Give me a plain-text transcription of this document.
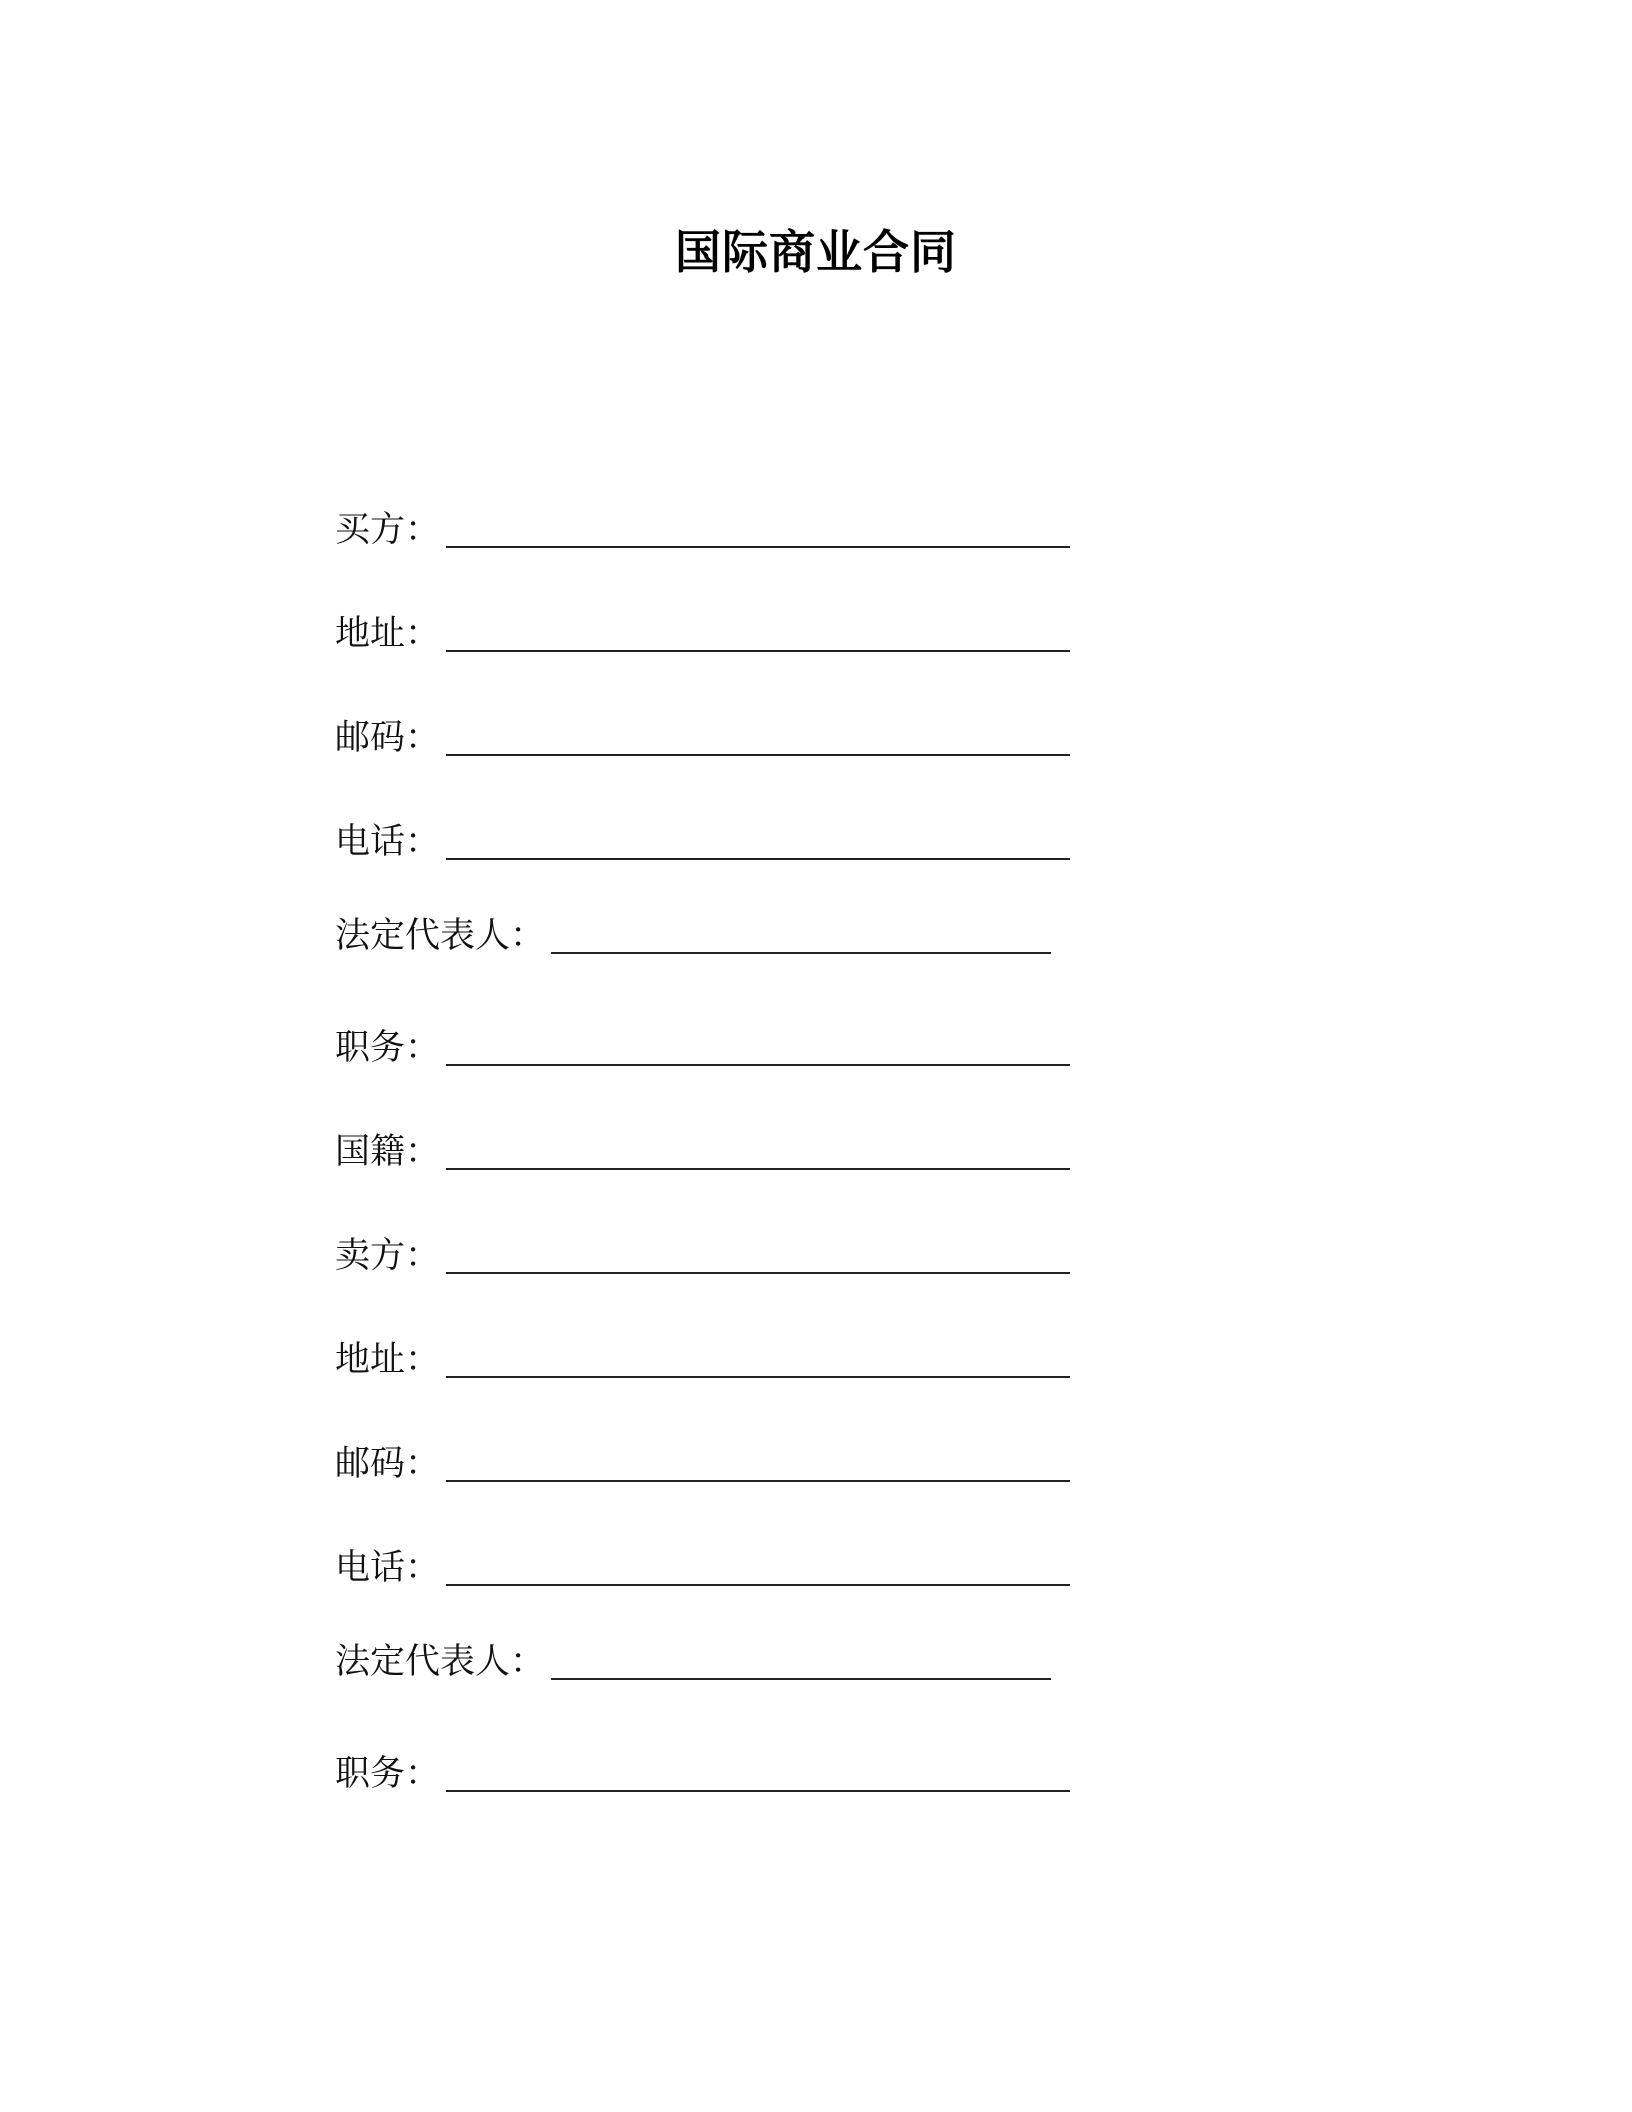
国际商业合同
买方：
地址：
邮码：
电话：
法定代表人：
职务：
国籍：
卖方：
地址：
邮码：
电话：
法定代表人：
职务：
